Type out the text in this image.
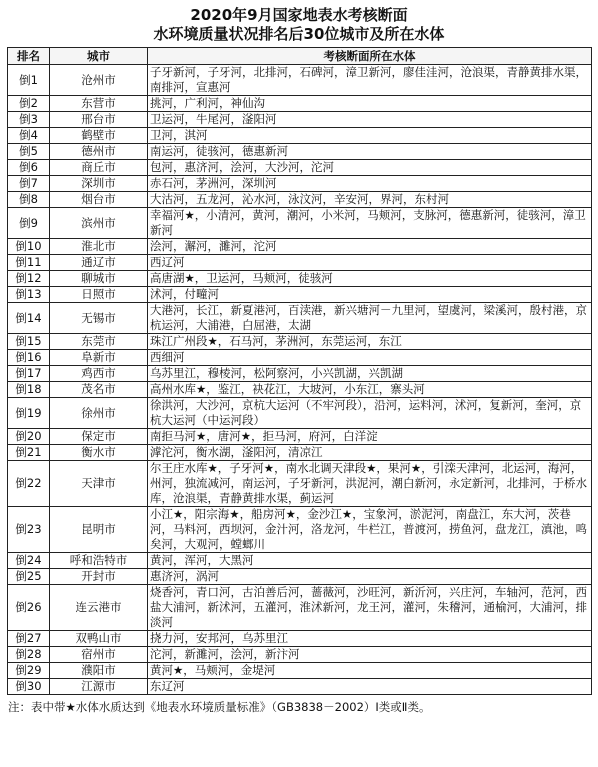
2020年9月国家地表水考核断面
水环境质量状况排名后30位城市及所在水体
排名	城市	考核断面所在水体
倒1	沧州市	子牙新河，子牙河，北排河，石碑河，漳卫新河，廖佳洼河，沧浪渠，青静黄排水渠，南排河，宣惠河
倒2	东营市	挑河，广利河，神仙沟
倒3	邢台市	卫运河，牛尾河，滏阳河
倒4	鹤壁市	卫河，淇河
倒5	德州市	南运河，徒骇河，德惠新河
倒6	商丘市	包河，惠济河，浍河，大沙河，沱河
倒7	深圳市	赤石河，茅洲河，深圳河
倒8	烟台市	大沽河，五龙河，沁水河，泳汶河，辛安河，界河，东村河
倒9	滨州市	幸福河★，小清河，黄河，潮河，小米河，马颊河，支脉河，德惠新河，徒骇河，漳卫新河
倒10	淮北市	浍河，澥河，濉河，沱河
倒11	通辽市	西辽河
倒12	聊城市	高唐湖★，卫运河，马颊河，徒骇河
倒13	日照市	沭河，付疃河
倒14	无锡市	大港河，长江，新夏港河，百渎港，新兴塘河－九里河，望虞河，梁溪河，殷村港，京杭运河，大浦港，白屈港，太湖
倒15	东莞市	珠江广州段★，石马河，茅洲河，东莞运河，东江
倒16	阜新市	西细河
倒17	鸡西市	乌苏里江，穆棱河，松阿察河，小兴凯湖，兴凯湖
倒18	茂名市	高州水库★，鉴江，袂花江，大坡河，小东江，寨头河
倒19	徐州市	徐洪河，大沙河，京杭大运河（不牢河段），沿河，运料河，沭河，复新河，奎河，京杭大运河（中运河段）
倒20	保定市	南拒马河★，唐河★，拒马河，府河，白洋淀
倒21	衡水市	滹沱河，衡水湖，滏阳河，清凉江
倒22	天津市	尔王庄水库★，子牙河★，南水北调天津段★，果河★，引滦天津河，北运河，海河，州河，独流减河，南运河，子牙新河，洪泥河，潮白新河，永定新河，北排河，于桥水库，沧浪渠，青静黄排水渠，蓟运河
倒23	昆明市	小江★，阳宗海★，船房河★，金沙江★，宝象河，淤泥河，南盘江，东大河，茨巷河，马料河，西坝河，金汁河，洛龙河，牛栏江，普渡河，捞鱼河，盘龙江，滇池，鸣矣河，大观河，螳螂川
倒24	呼和浩特市	黄河，浑河，大黑河
倒25	开封市	惠济河，涡河
倒26	连云港市	烧香河，青口河，古泊善后河，蔷薇河，沙旺河，新沂河，兴庄河，车轴河，范河，西盐大浦河，新沭河，五灌河，淮沭新河，龙王河，灌河，朱稽河，通榆河，大浦河，排淡河
倒27	双鸭山市	挠力河，安邦河，乌苏里江
倒28	宿州市	沱河，新濉河，浍河，新汴河
倒29	濮阳市	黄河★，马颊河，金堤河
倒30	江源市	东辽河
注：表中带★水体水质达到《地表水环境质量标准》（GB3838－2002）Ⅰ类或Ⅱ类。
